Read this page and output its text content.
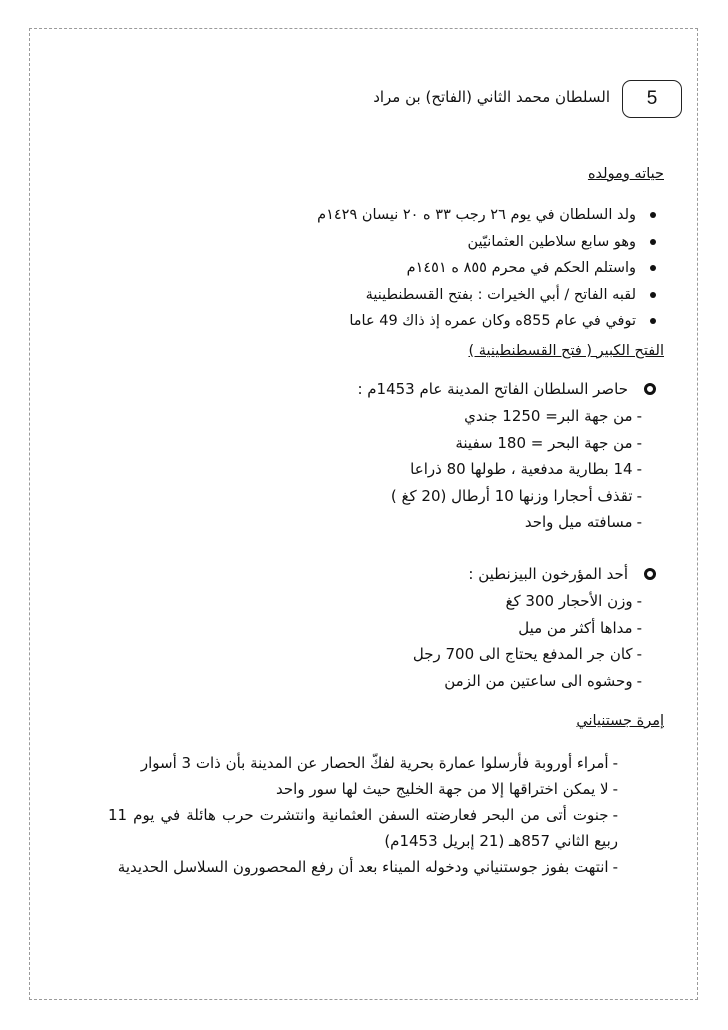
5
السلطان محمد الثاني (الفاتح) بن مراد
حياته ومولده
ولد السلطان في يوم ٢٦ رجب ٣٣ ه ٢٠ نيسان ١٤٢٩م
وهو سابع سلاطين العثمانيّين
واستلم الحكم في محرم ٨٥٥ ه ١٤٥١م
لقبه الفاتح / أبي الخيرات : بفتح القسطنطينية
توفي في عام 855ه وكان عمره إذ ذاك 49 عاما
الفتح الكبير ( فتح القسطنطينية )
حاصر السلطان الفاتح المدينة عام 1453م :
-من جهة البر= 1250 جندي
-من جهة البحر = 180 سفينة
-14 بطارية مدفعية ، طولها 80 ذراعا
-تقذف أحجارا وزنها 10 أرطال (20 كغ )
-مسافته ميل واحد
أحد المؤرخون البيزنطين :
-وزن الأحجار 300 كغ
-مداها أكثر من ميل
-كان جر المدفع يحتاج الى 700 رجل
-وحشوه الى ساعتين من الزمن
إمرة جستنياني
-أمراء أوروبة فأرسلوا عمارة بحرية لفكّ الحصار عن المدينة بأن ذات 3 أسوار
-لا يمكن اختراقها إلا من جهة الخليج حيث لها سور واحد
-جنوت أتى من البحر فعارضته السفن العثمانية وانتشرت حرب هائلة في يوم 11 ربيع الثاني 857هـ (21 إبريل 1453م)
-انتهت بفوز جوستنياني ودخوله الميناء بعد أن رفع المحصورون السلاسل الحديدية
